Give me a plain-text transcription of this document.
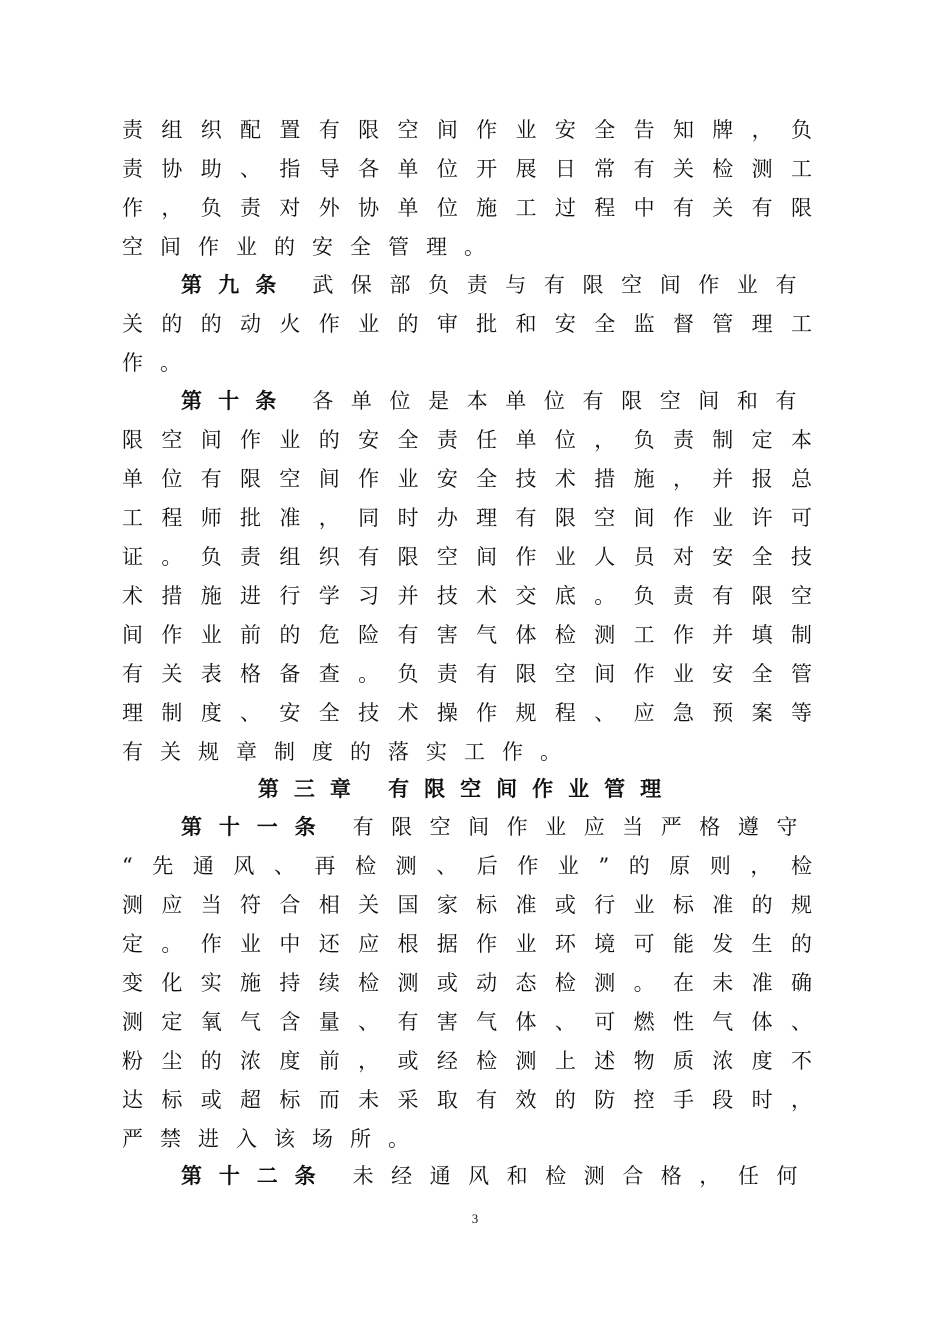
责组织配置有限空间作业安全告知牌，负
责协助、指导各单位开展日常有关检测工
作，负责对外协单位施工过程中有关有限
空间作业的安全管理。
第九条 武保部负责与有限空间作业有
关的的动火作业的审批和安全监督管理工
作。
第十条 各单位是本单位有限空间和有
限空间作业的安全责任单位，负责制定本
单位有限空间作业安全技术措施，并报总
工程师批准，同时办理有限空间作业许可
证。负责组织有限空间作业人员对安全技
术措施进行学习并技术交底。负责有限空
间作业前的危险有害气体检测工作并填制
有关表格备查。负责有限空间作业安全管
理制度、安全技术操作规程、应急预案等
有关规章制度的落实工作。
第三章 有限空间作业管理
第十一条 有限空间作业应当严格遵守
“先通风、再检测、后作业”的原则，检
测应当符合相关国家标准或行业标准的规
定。作业中还应根据作业环境可能发生的
变化实施持续检测或动态检测。在未准确
测定氧气含量、有害气体、可燃性气体、
粉尘的浓度前，或经检测上述物质浓度不
达标或超标而未采取有效的防控手段时，
严禁进入该场所。
第十二条 未经通风和检测合格，任何
3
